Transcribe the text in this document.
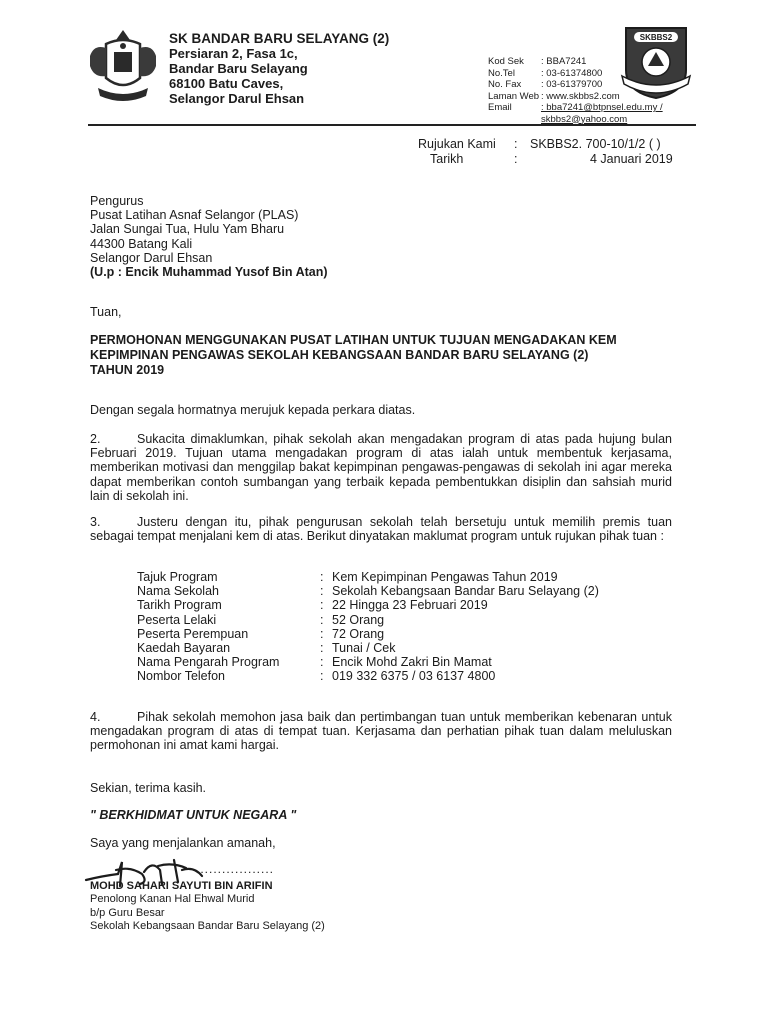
SK BANDAR BARU SELAYANG (2)
Persiaran 2, Fasa 1c,
Bandar Baru Selayang
68100 Batu Caves,
Selangor Darul Ehsan
Kod Sek	: BBA7241
No.Tel	: 03-61374800
No. Fax	: 03-61379700
Laman Web : www.skbbs2.com
Email	: bba7241@btpnsel.edu.my /
skbbs2@yahoo.com
SKBBS2
Rujukan Kami	:	SKBBS2. 700-10/1/2 ( )
Tarikh	:	4 Januari 2019
Pengurus
Pusat Latihan Asnaf Selangor (PLAS)
Jalan Sungai Tua, Hulu Yam Bharu
44300 Batang Kali
Selangor Darul Ehsan
(U.p : Encik Muhammad Yusof Bin Atan)
Tuan,
PERMOHONAN MENGGUNAKAN PUSAT LATIHAN UNTUK TUJUAN MENGADAKAN KEM
KEPIMPINAN PENGAWAS SEKOLAH KEBANGSAAN BANDAR BARU SELAYANG (2)
TAHUN 2019
Dengan segala hormatnya merujuk kepada perkara diatas.
2.	Sukacita dimaklumkan, pihak sekolah akan mengadakan program di atas pada hujung bulan Februari 2019. Tujuan utama mengadakan program di atas ialah untuk membentuk kerjasama, memberikan motivasi dan menggilap bakat kepimpinan pengawas-pengawas di sekolah ini agar mereka dapat memberikan contoh sumbangan yang terbaik kepada pembentukkan disiplin dan sahsiah murid lain di sekolah ini.
3.	Justeru dengan itu, pihak pengurusan sekolah telah bersetuju untuk memilih premis tuan sebagai tempat menjalani kem di atas. Berikut dinyatakan maklumat program untuk rujukan pihak tuan :
Tajuk Program	: Kem Kepimpinan Pengawas Tahun 2019
Nama Sekolah	: Sekolah Kebangsaan Bandar Baru Selayang (2)
Tarikh Program	: 22 Hingga 23 Februari 2019
Peserta Lelaki	: 52 Orang
Peserta Perempuan	: 72 Orang
Kaedah Bayaran	: Tunai / Cek
Nama Pengarah Program	: Encik Mohd Zakri Bin Mamat
Nombor Telefon	: 019 332 6375 / 03 6137 4800
4.	Pihak sekolah memohon jasa baik dan pertimbangan tuan untuk memberikan kebenaran untuk mengadakan program di atas di tempat tuan. Kerjasama dan perhatian pihak tuan dalam meluluskan permohonan ini amat kami hargai.
Sekian, terima kasih.
" BERKHIDMAT UNTUK NEGARA "
Saya yang menjalankan amanah,
..................
MOHD SAHARI SAYUTI BIN ARIFIN
Penolong Kanan Hal Ehwal Murid
b/p Guru Besar
Sekolah Kebangsaan Bandar Baru Selayang (2)
